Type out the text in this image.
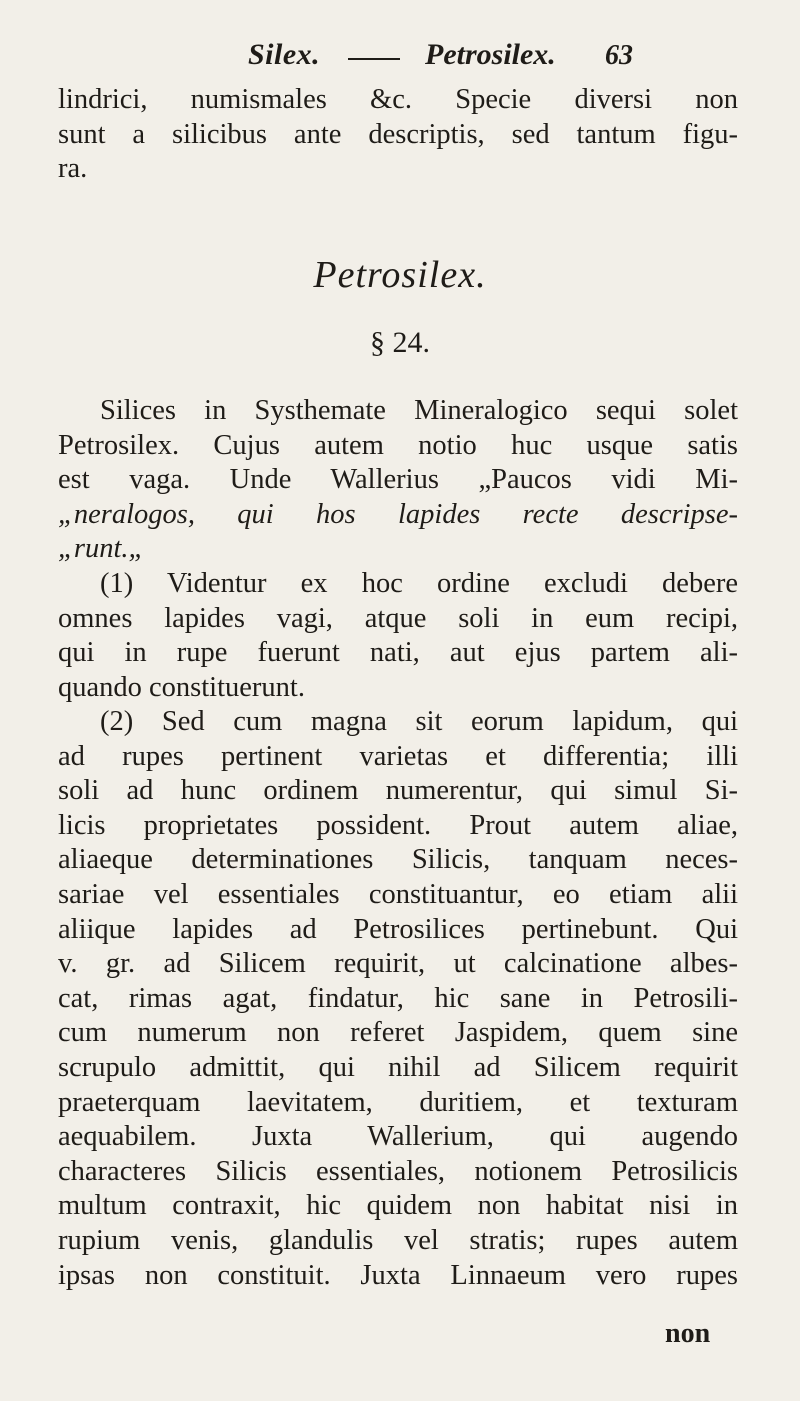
Silex.	Petrosilex. 63
lindrici, numismales &c. Specie diversi non
sunt a silicibus ante descriptis, sed tantum figu-
ra.
Petrosilex.
§ 24.
Silices in Systhemate Mineralogico sequi solet
Petrosilex. Cujus autem notio huc usque satis
est vaga. Unde Wallerius „Paucos vidi Mi-
„neralogos, qui hos lapides recte descripse-
„runt.„
(1) Videntur ex hoc ordine excludi debere
omnes lapides vagi, atque soli in eum recipi,
qui in rupe fuerunt nati, aut ejus partem ali-
quando constituerunt.
(2) Sed cum magna sit eorum lapidum, qui
ad rupes pertinent varietas et differentia; illi
soli ad hunc ordinem numerentur, qui simul Si-
licis proprietates possident. Prout autem aliae,
aliaeque determinationes Silicis, tanquam neces-
sariae vel essentiales constituantur, eo etiam alii
aliique lapides ad Petrosilices pertinebunt. Qui
v. gr. ad Silicem requirit, ut calcinatione albes-
cat, rimas agat, findatur, hic sane in Petrosili-
cum numerum non referet Jaspidem, quem sine
scrupulo admittit, qui nihil ad Silicem requirit
praeterquam laevitatem, duritiem, et texturam
aequabilem. Juxta Wallerium, qui augendo
characteres Silicis essentiales, notionem Petrosilicis
multum contraxit, hic quidem non habitat nisi in
rupium venis, glandulis vel stratis; rupes autem
ipsas non constituit. Juxta Linnaeum vero rupes
non
